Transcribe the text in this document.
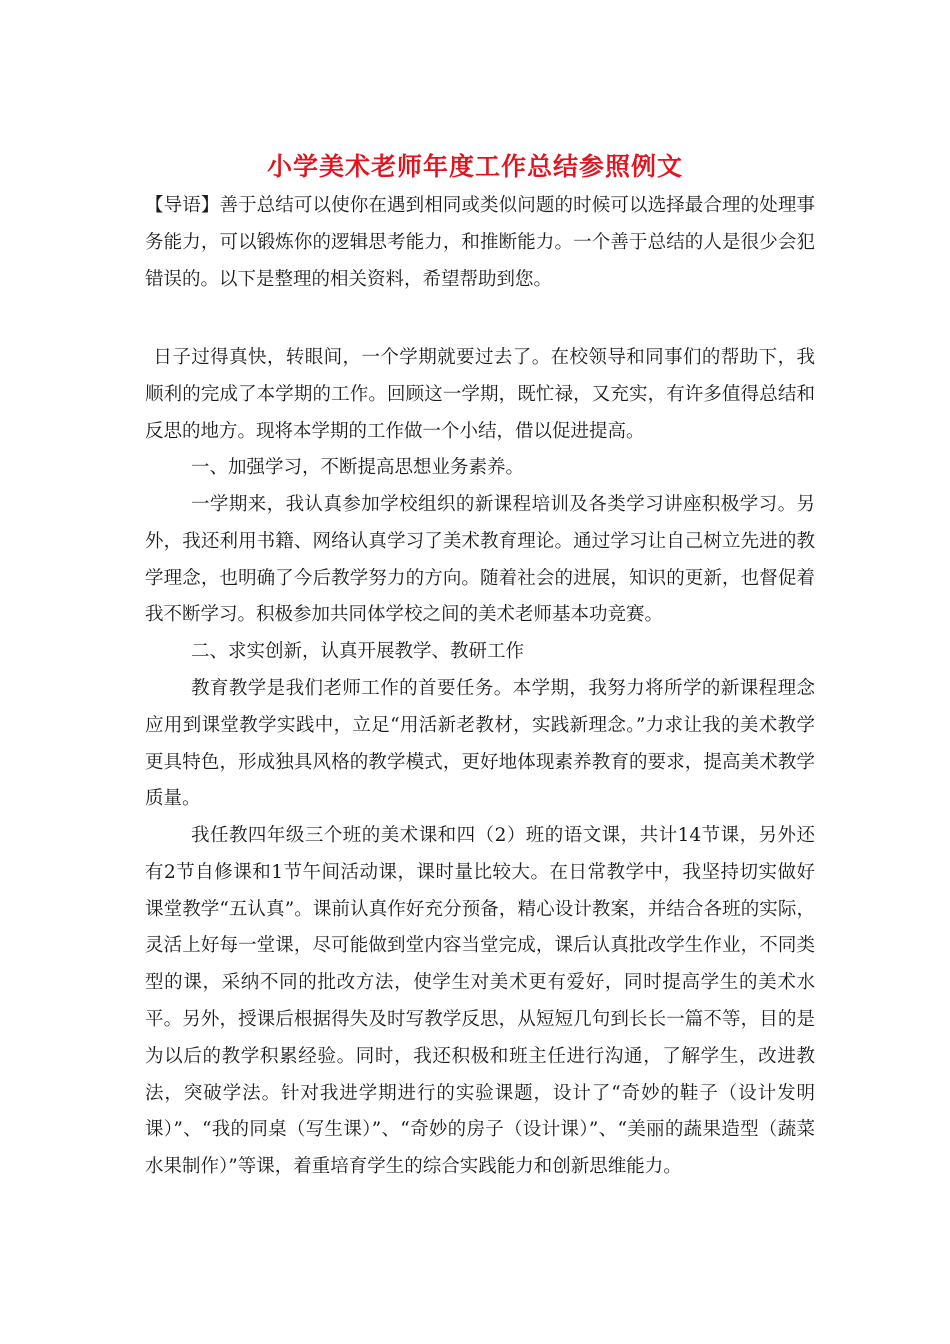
小学美术老师年度工作总结参照例文
【导语】善于总结可以使你在遇到相同或类似问题的时候可以选择最合理的处理事务能力，可以锻炼你的逻辑思考能力，和推断能力。一个善于总结的人是很少会犯错误的。以下是整理的相关资料，希望帮助到您。
日子过得真快，转眼间，一个学期就要过去了。在校领导和同事们的帮助下，我顺利的完成了本学期的工作。回顾这一学期，既忙禄，又充实，有许多值得总结和反思的地方。现将本学期的工作做一个小结，借以促进提高。
一、加强学习，不断提高思想业务素养。
一学期来，我认真参加学校组织的新课程培训及各类学习讲座积极学习。另外，我还利用书籍、网络认真学习了美术教育理论。通过学习让自己树立先进的教学理念，也明确了今后教学努力的方向。随着社会的进展，知识的更新，也督促着我不断学习。积极参加共同体学校之间的美术老师基本功竞赛。
二、求实创新，认真开展教学、教研工作
教育教学是我们老师工作的首要任务。本学期，我努力将所学的新课程理念应用到课堂教学实践中，立足“用活新老教材，实践新理念。”力求让我的美术教学更具特色，形成独具风格的教学模式，更好地体现素养教育的要求，提高美术教学质量。
我任教四年级三个班的美术课和四（2）班的语文课，共计14节课，另外还有2节自修课和1节午间活动课，课时量比较大。在日常教学中，我坚持切实做好课堂教学“五认真”。课前认真作好充分预备，精心设计教案，并结合各班的实际，灵活上好每一堂课，尽可能做到堂内容当堂完成，课后认真批改学生作业，不同类型的课，采纳不同的批改方法，使学生对美术更有爱好，同时提高学生的美术水平。另外，授课后根据得失及时写教学反思，从短短几句到长长一篇不等，目的是为以后的教学积累经验。同时，我还积极和班主任进行沟通，了解学生，改进教法，突破学法。针对我进学期进行的实验课题，设计了“奇妙的鞋子（设计发明课）”、“我的同桌（写生课）”、“奇妙的房子（设计课）”、“美丽的蔬果造型（蔬菜水果制作）”等课，着重培育学生的综合实践能力和创新思维能力。
